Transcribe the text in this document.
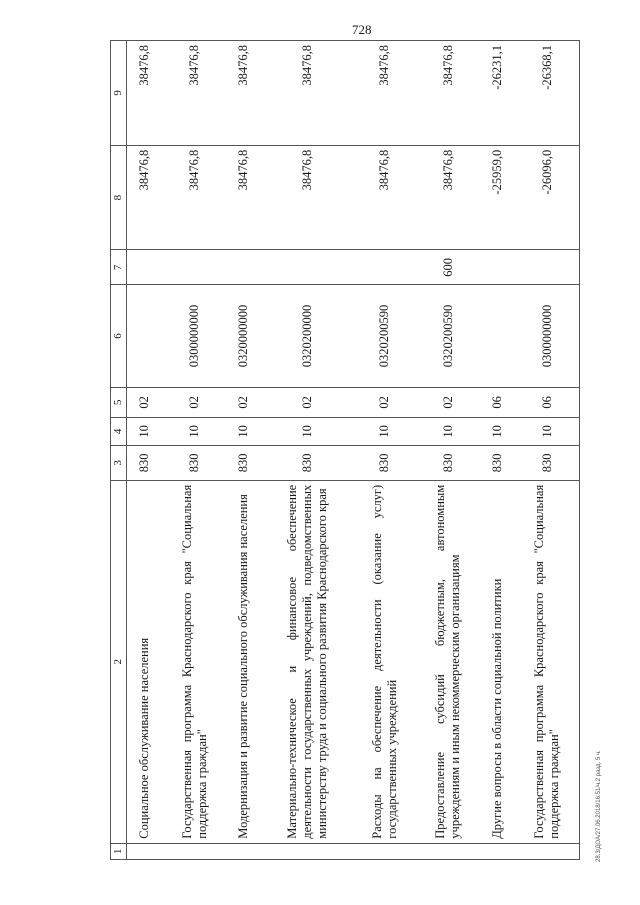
728
1	2	3	4	5	6	7	8	9
	Социальное обслуживание населения	830	10	02			38476,8	38476,8
	Государственная программа Краснодарского края "Социальная поддержка граждан"	830	10	02	0300000000		38476,8	38476,8
	Модернизация и развитие социального обслуживания населения	830	10	02	0320000000		38476,8	38476,8
	Материально-техническое и финансовое обеспечение деятельности государственных учреждений, подведомственных министерству труда и социального развития Краснодарского края	830	10	02	0320200000		38476,8	38476,8
	Расходы на обеспечение деятельности (оказание услуг) государственных учреждений	830	10	02	0320200590		38476,8	38476,8
	Предоставление субсидий бюджетным, автономным учреждениям и иным некоммерческим организациям	830	10	02	0320200590	600	38476,8	38476,8
	Другие вопросы в области социальной политики	830	10	06			-25959,0	-26231,1
	Государственная программа Краснодарского края "Социальная поддержка граждан"	830	10	06	0300000000		-26096,0	-26368,1
28.3/ДОА/27.06.2018/16:51/ч.2 разд. 5 ч.
